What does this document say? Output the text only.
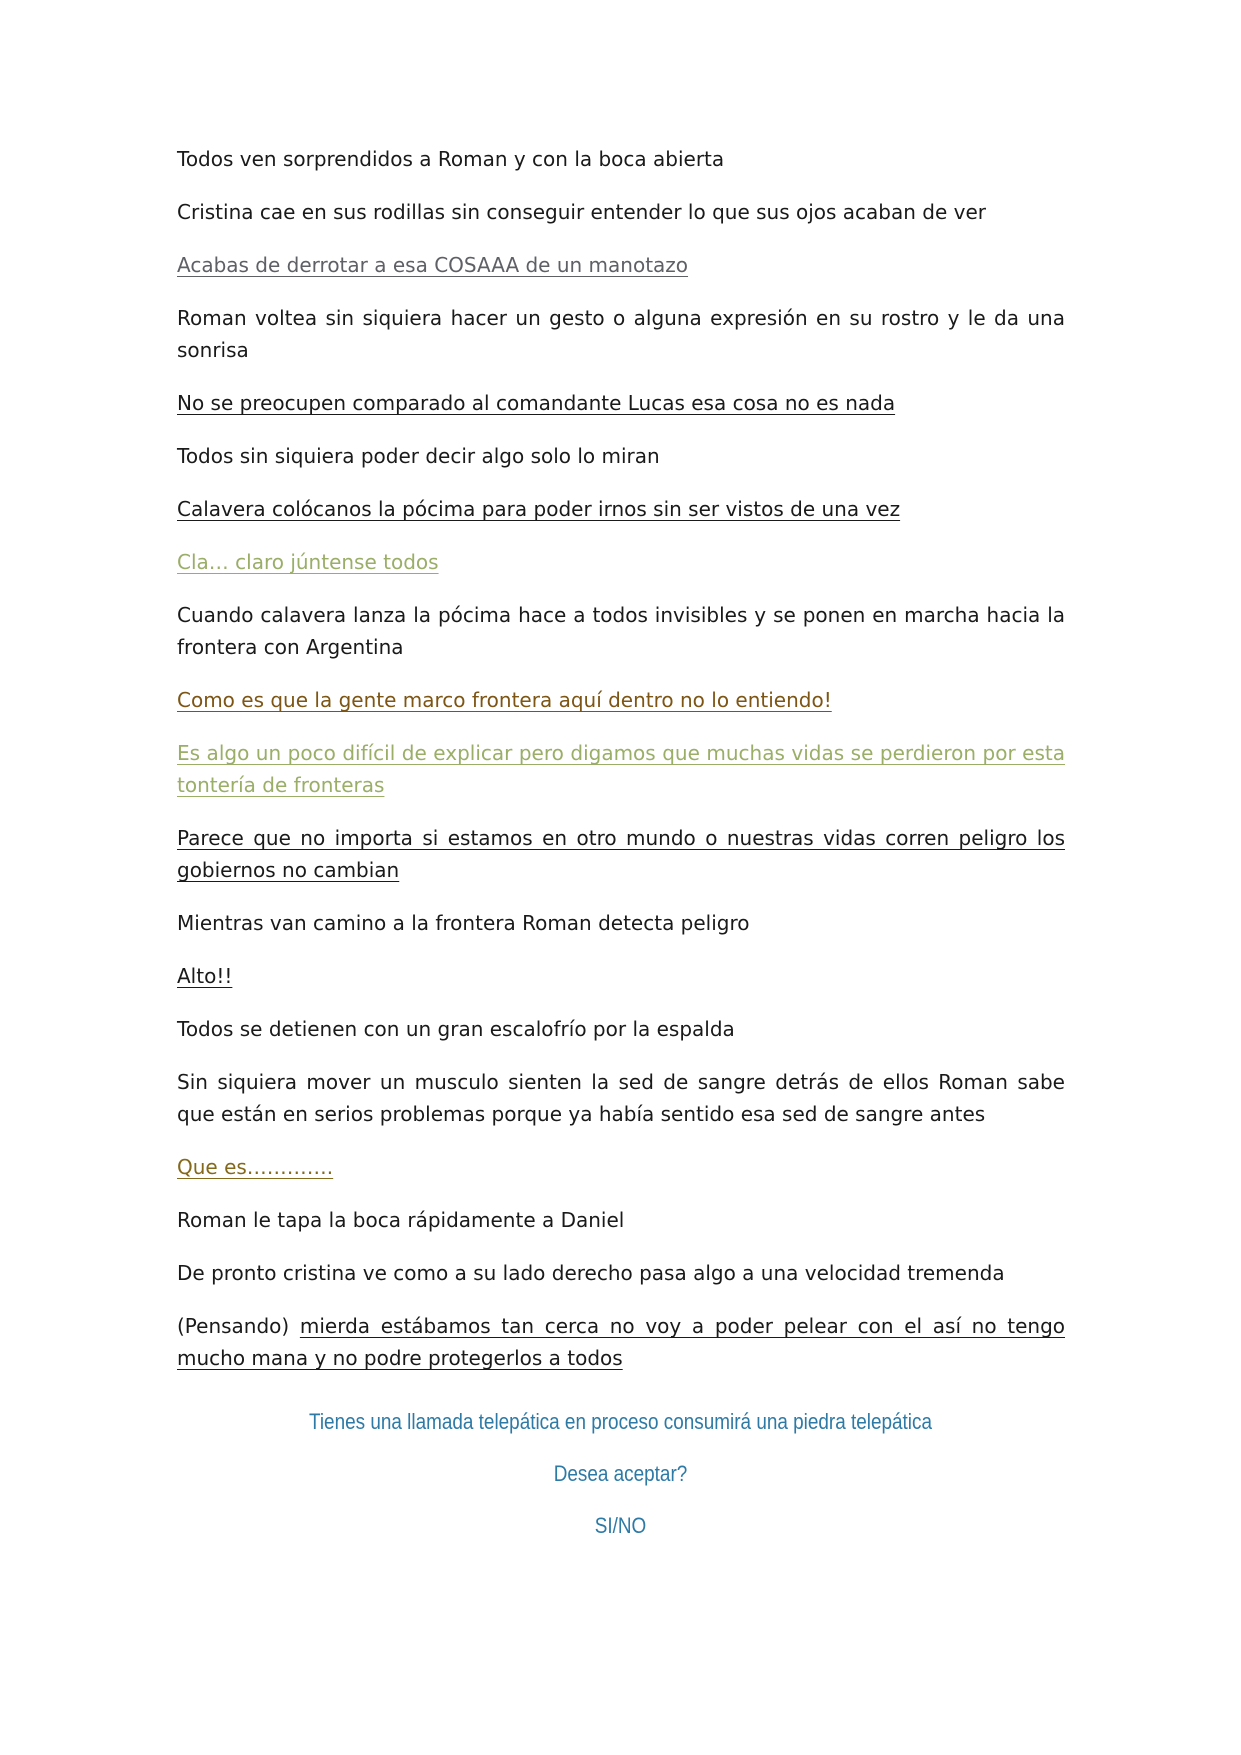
Todos ven sorprendidos a Roman y con la boca abierta

Cristina cae en sus rodillas sin conseguir entender lo que sus ojos acaban de ver

Acabas de derrotar a esa COSAAA de un manotazo

Roman voltea sin siquiera hacer un gesto o alguna expresión en su rostro y le da una sonrisa

No se preocupen comparado al comandante Lucas esa cosa no es nada

Todos sin siquiera poder decir algo solo lo miran

Calavera colócanos la pócima para poder irnos sin ser vistos de una vez

Cla… claro júntense todos

Cuando calavera lanza la pócima hace a todos invisibles y se ponen en marcha hacia la frontera con Argentina

Como es que la gente marco frontera aquí dentro no lo entiendo!

Es algo un poco difícil de explicar pero digamos que muchas vidas se perdieron por esta tontería de fronteras

Parece que no importa si estamos en otro mundo o nuestras vidas corren peligro los gobiernos no cambian

Mientras van camino a la frontera Roman detecta peligro

Alto!!

Todos se detienen con un gran escalofrío por la espalda

Sin siquiera mover un musculo sienten la sed de sangre detrás de ellos Roman sabe que están en serios problemas porque ya había sentido esa sed de sangre antes

Que es………….

Roman le tapa la boca rápidamente a Daniel

De pronto cristina ve como a su lado derecho pasa algo a una velocidad tremenda

(Pensando) mierda estábamos tan cerca no voy a poder pelear con el así no tengo mucho mana y no podre protegerlos a todos

Tienes una llamada telepática en proceso consumirá una piedra telepática
Desea aceptar?
SI/NO
